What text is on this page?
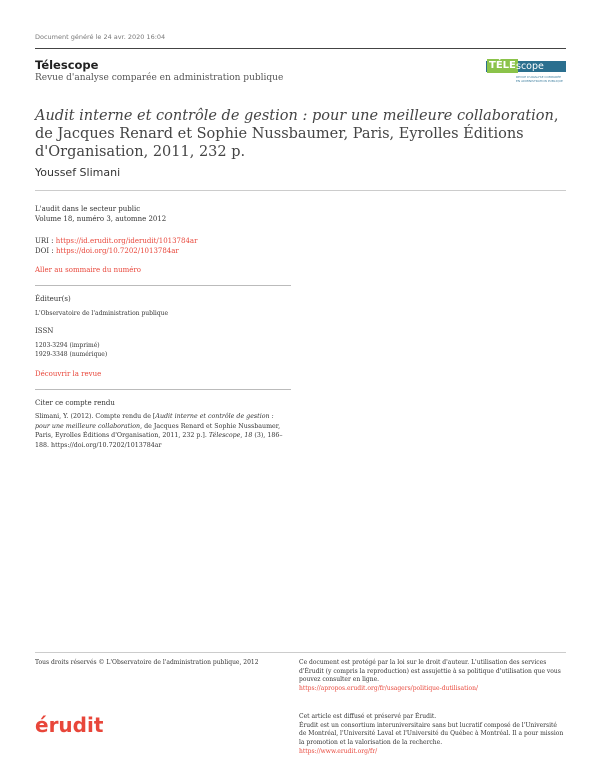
Document généré le 24 avr. 2020 16:04
Télescope
Revue d'analyse comparée en administration publique
TÉLE scope
REVUE D'ANALYSE COMPARÉE EN ADMINISTRATION PUBLIQUE
Audit interne et contrôle de gestion : pour une meilleure collaboration, de Jacques Renard et Sophie Nussbaumer, Paris, Eyrolles Éditions d'Organisation, 2011, 232 p.
Youssef Slimani
L'audit dans le secteur public
Volume 18, numéro 3, automne 2012
URI : https://id.erudit.org/iderudit/1013784ar
DOI : https://doi.org/10.7202/1013784ar
Aller au sommaire du numéro
Éditeur(s)
L'Observatoire de l'administration publique
ISSN
1203-3294 (imprimé)
1929-3348 (numérique)
Découvrir la revue
Citer ce compte rendu
Slimani, Y. (2012). Compte rendu de [Audit interne et contrôle de gestion : pour une meilleure collaboration, de Jacques Renard et Sophie Nussbaumer, Paris, Eyrolles Éditions d'Organisation, 2011, 232 p.]. Télescope, 18 (3), 186–188. https://doi.org/10.7202/1013784ar
Tous droits réservés © L'Observatoire de l'administration publique, 2012	Ce document est protégé par la loi sur le droit d'auteur. L'utilisation des services d'Érudit (y compris la reproduction) est assujettie à sa politique d'utilisation que vous pouvez consulter en ligne.
https://apropos.erudit.org/fr/usagers/politique-dutilisation/
érudit	Cet article est diffusé et préservé par Érudit.
Érudit est un consortium interuniversitaire sans but lucratif composé de l'Université de Montréal, l'Université Laval et l'Université du Québec à Montréal. Il a pour mission la promotion et la valorisation de la recherche.
https://www.erudit.org/fr/
